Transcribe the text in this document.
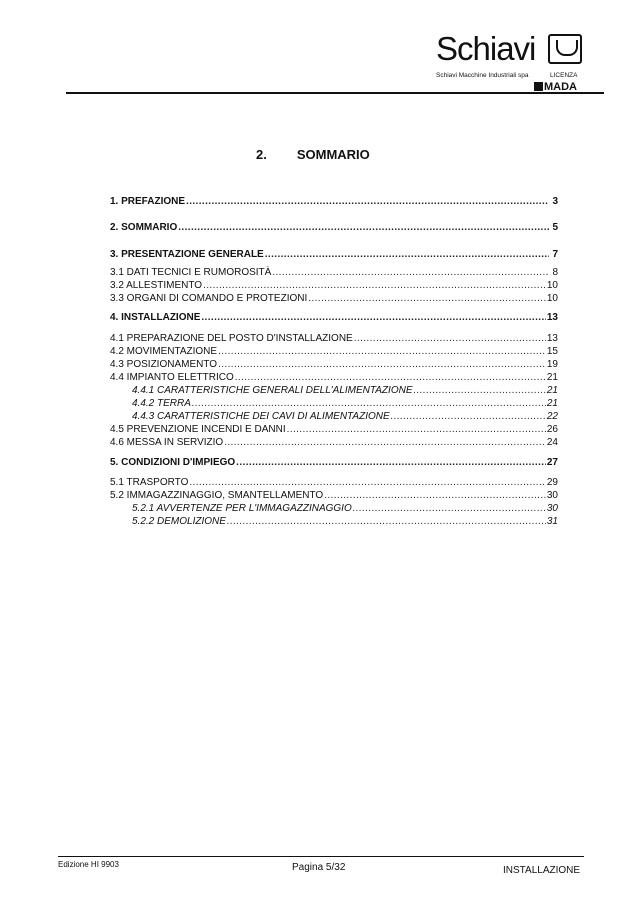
Schiavi
Schiavi Macchine Industriali spa	LICENZA
MADA
2. SOMMARIO
1. PREFAZIONE .....	3
2. SOMMARIO .....	5
3. PRESENTAZIONE GENERALE .....	7
3.1 DATI TECNICI E RUMOROSITÀ .....	8
3.2 ALLESTIMENTO .....	10
3.3 ORGANI DI COMANDO E PROTEZIONI .....	10
4. INSTALLAZIONE .....	13
4.1 PREPARAZIONE DEL POSTO D'INSTALLAZIONE .....	13
4.2 MOVIMENTAZIONE .....	15
4.3 POSIZIONAMENTO .....	19
4.4 IMPIANTO ELETTRICO .....	21
4.4.1 CARATTERISTICHE GENERALI DELL'ALIMENTAZIONE .....	21
4.4.2 TERRA .....	21
4.4.3 CARATTERISTICHE DEI CAVI DI ALIMENTAZIONE .....	22
4.5 PREVENZIONE INCENDI E DANNI .....	26
4.6 MESSA IN SERVIZIO .....	24
5. CONDIZIONI D'IMPIEGO .....	27
5.1 TRASPORTO .....	29
5.2 IMMAGAZZINAGGIO, SMANTELLAMENTO .....	30
5.2.1 AVVERTENZE PER L'IMMAGAZZINAGGIO .....	30
5.2.2 DEMOLIZIONE .....	31
Edizione HI 9903	Pagina 5/32	INSTALLAZIONE
